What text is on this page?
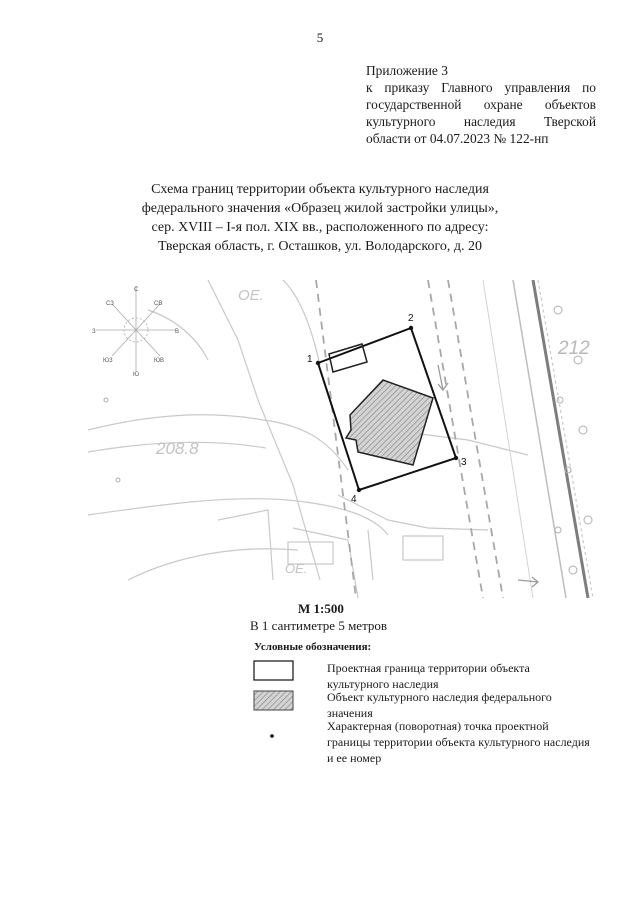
5
Приложение 3
к приказу Главного управления по
государственной охране объектов
культурного наследия Тверской
области от 04.07.2023 № 122-нп
Схема границ территории объекта культурного наследия
федерального значения «Образец жилой застройки улицы»,
сер. XVIII – I-я пол. XIX вв., расположенного по адресу:
Тверская область, г. Осташков, ул. Володарского, д. 20
ОЕ.
ОЕ.
208.8
212
С
СВ
В
ЮВ
Ю
ЮЗ
З
СЗ
1
2
3
4
М 1:500
В 1 сантиметре 5 метров
Условные обозначения:
Проектная граница территории объекта культурного наследия
Объект культурного наследия федерального значения
Характерная (поворотная) точка проектной границы территории объекта культурного наследия и ее номер
